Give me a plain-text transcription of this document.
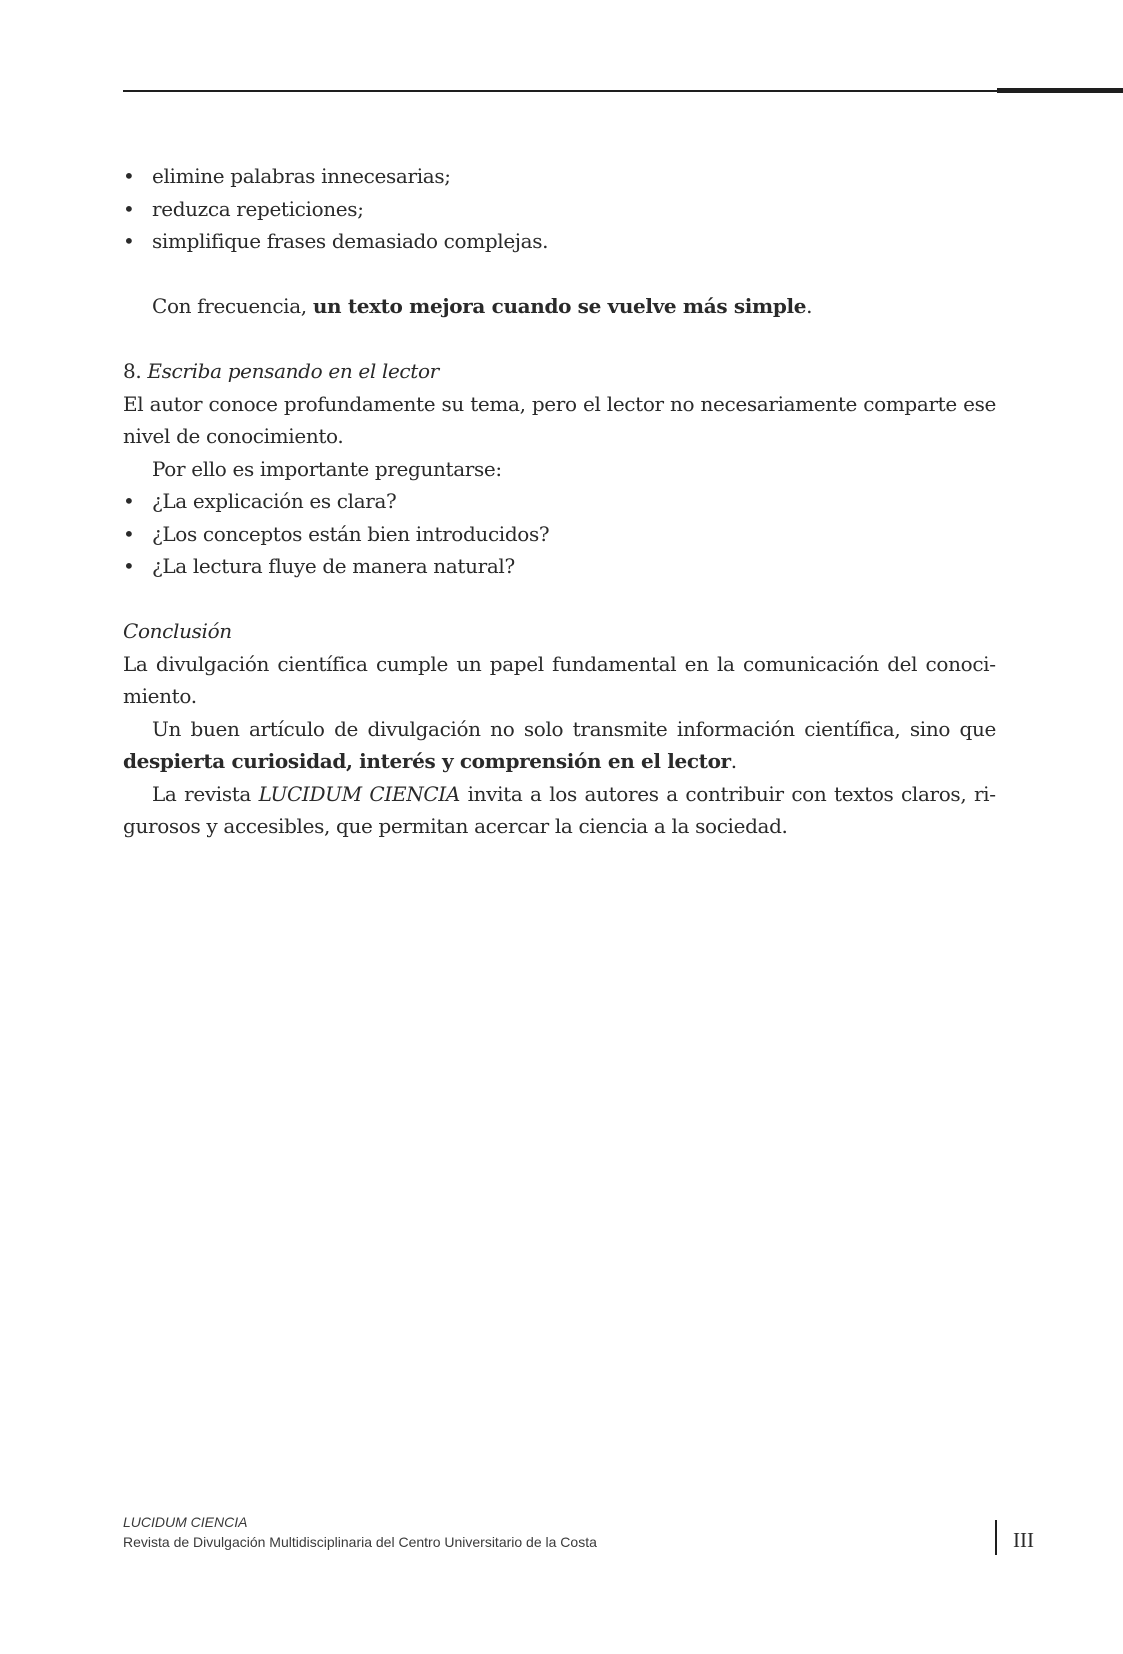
• elimine palabras innecesarias;
• reduzca repeticiones;
• simplifique frases demasiado complejas.

Con frecuencia, un texto mejora cuando se vuelve más simple.

8. Escriba pensando en el lector

El autor conoce profundamente su tema, pero el lector no necesariamente comparte ese nivel de conocimiento.

Por ello es importante preguntarse:

• ¿La explicación es clara?
• ¿Los conceptos están bien introducidos?
• ¿La lectura fluye de manera natural?

Conclusión

La divulgación científica cumple un papel fundamental en la comunicación del conocimiento.

Un buen artículo de divulgación no solo transmite información científica, sino que despierta curiosidad, interés y comprensión en el lector.

La revista LUCIDUM CIENCIA invita a los autores a contribuir con textos claros, rigurosos y accesibles, que permitan acercar la ciencia a la sociedad.

LUCIDUM CIENCIA
Revista de Divulgación Multidisciplinaria del Centro Universitario de la Costa	III
